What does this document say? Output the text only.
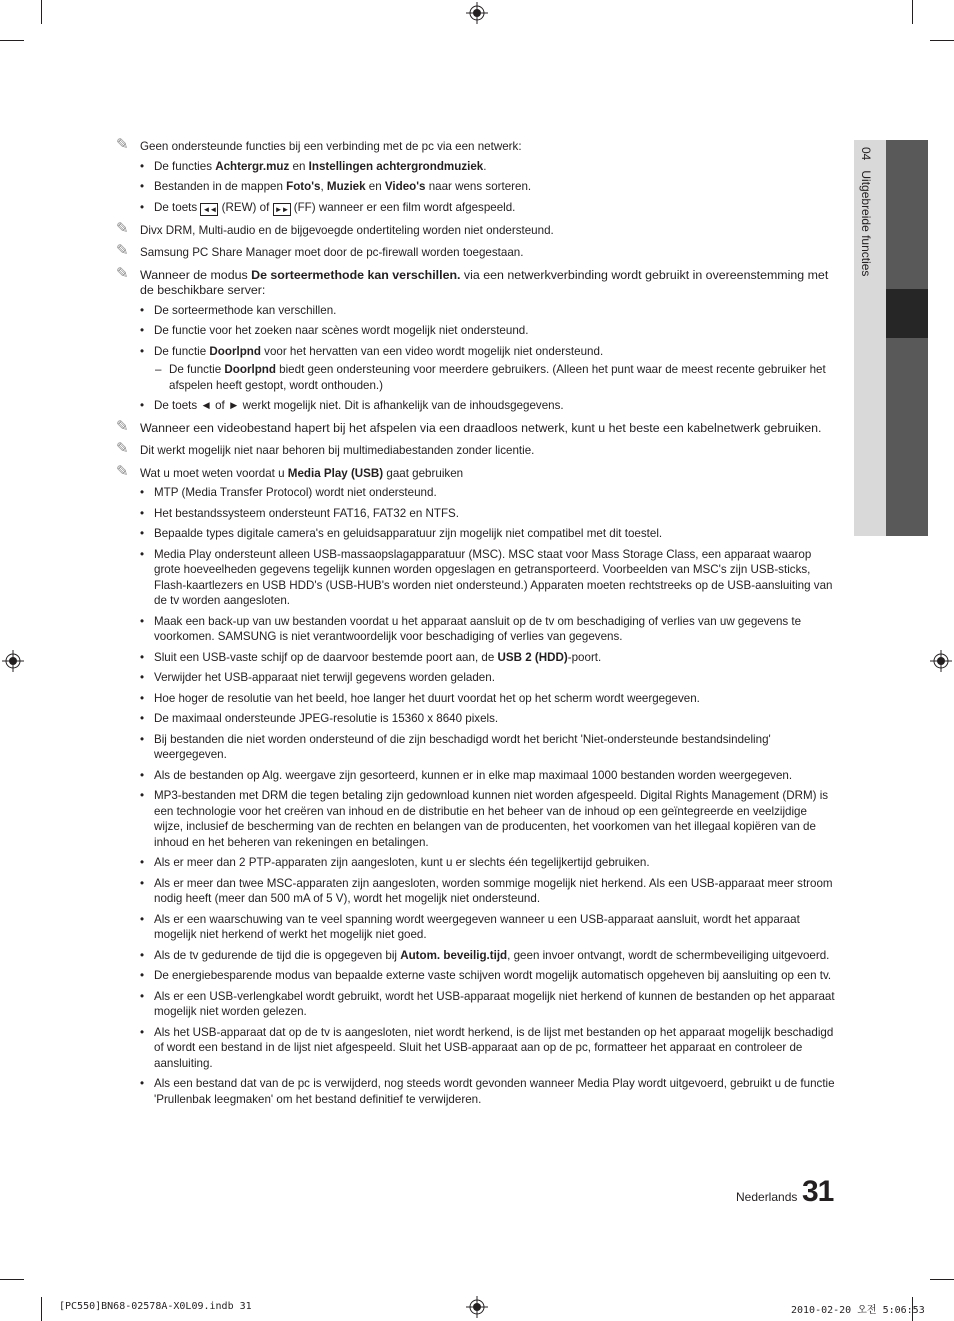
04   Uitgebreide functies
✎ Geen ondersteunde functies bij een verbinding met de pc via een netwerk:
• De functies Achtergr.muz en Instellingen achtergrondmuziek.
• Bestanden in de mappen Foto's, Muziek en Video's naar wens sorteren.
• De toets ◄◄ (REW) of ►► (FF) wanneer er een film wordt afgespeeld.
✎ Divx DRM, Multi-audio en de bijgevoegde ondertiteling worden niet ondersteund.
✎ Samsung PC Share Manager moet door de pc-firewall worden toegestaan.
✎ Wanneer de modus De sorteermethode kan verschillen. via een netwerkverbinding wordt gebruikt in overeenstemming met de beschikbare server:
• De sorteermethode kan verschillen.
• De functie voor het zoeken naar scènes wordt mogelijk niet ondersteund.
• De functie Doorlpnd voor het hervatten van een video wordt mogelijk niet ondersteund.
– De functie Doorlpnd biedt geen ondersteuning voor meerdere gebruikers. (Alleen het punt waar de meest recente gebruiker het afspelen heeft gestopt, wordt onthouden.)
• De toets ◄ of ► werkt mogelijk niet. Dit is afhankelijk van de inhoudsgegevens.
✎ Wanneer een videobestand hapert bij het afspelen via een draadloos netwerk, kunt u het beste een kabelnetwerk gebruiken.
✎ Dit werkt mogelijk niet naar behoren bij multimediabestanden zonder licentie.
✎ Wat u moet weten voordat u Media Play (USB) gaat gebruiken
• MTP (Media Transfer Protocol) wordt niet ondersteund.
• Het bestandssysteem ondersteunt FAT16, FAT32 en NTFS.
• Bepaalde types digitale camera's en geluidsapparatuur zijn mogelijk niet compatibel met dit toestel.
• Media Play ondersteunt alleen USB-massaopslagapparatuur (MSC). MSC staat voor Mass Storage Class, een apparaat waarop grote hoeveelheden gegevens tegelijk kunnen worden opgeslagen en getransporteerd. Voorbeelden van MSC's zijn USB-sticks, Flash-kaartlezers en USB HDD's (USB-HUB's worden niet ondersteund.) Apparaten moeten rechtstreeks op de USB-aansluiting van de tv worden aangesloten.
• Maak een back-up van uw bestanden voordat u het apparaat aansluit op de tv om beschadiging of verlies van uw gegevens te voorkomen. SAMSUNG is niet verantwoordelijk voor beschadiging of verlies van gegevens.
• Sluit een USB-vaste schijf op de daarvoor bestemde poort aan, de USB 2 (HDD)-poort.
• Verwijder het USB-apparaat niet terwijl gegevens worden geladen.
• Hoe hoger de resolutie van het beeld, hoe langer het duurt voordat het op het scherm wordt weergegeven.
• De maximaal ondersteunde JPEG-resolutie is 15360 x 8640 pixels.
• Bij bestanden die niet worden ondersteund of die zijn beschadigd wordt het bericht 'Niet-ondersteunde bestandsindeling' weergegeven.
• Als de bestanden op Alg. weergave zijn gesorteerd, kunnen er in elke map maximaal 1000 bestanden worden weergegeven.
• MP3-bestanden met DRM die tegen betaling zijn gedownload kunnen niet worden afgespeeld. Digital Rights Management (DRM) is een technologie voor het creëren van inhoud en de distributie en het beheer van de inhoud op een geïntegreerde en veelzijdige wijze, inclusief de bescherming van de rechten en belangen van de producenten, het voorkomen van het illegaal kopiëren van de inhoud en het beheren van rekeningen en betalingen.
• Als er meer dan 2 PTP-apparaten zijn aangesloten, kunt u er slechts één tegelijkertijd gebruiken.
• Als er meer dan twee MSC-apparaten zijn aangesloten, worden sommige mogelijk niet herkend. Als een USB-apparaat meer stroom nodig heeft (meer dan 500 mA of 5 V), wordt het mogelijk niet ondersteund.
• Als er een waarschuwing van te veel spanning wordt weergegeven wanneer u een USB-apparaat aansluit, wordt het apparaat mogelijk niet herkend of werkt het mogelijk niet goed.
• Als de tv gedurende de tijd die is opgegeven bij Autom. beveilig.tijd, geen invoer ontvangt, wordt de schermbeveiliging uitgevoerd.
• De energiebesparende modus van bepaalde externe vaste schijven wordt mogelijk automatisch opgeheven bij aansluiting op een tv.
• Als er een USB-verlengkabel wordt gebruikt, wordt het USB-apparaat mogelijk niet herkend of kunnen de bestanden op het apparaat mogelijk niet worden gelezen.
• Als het USB-apparaat dat op de tv is aangesloten, niet wordt herkend, is de lijst met bestanden op het apparaat mogelijk beschadigd of wordt een bestand in de lijst niet afgespeeld. Sluit het USB-apparaat aan op de pc, formatteer het apparaat en controleer de aansluiting.
• Als een bestand dat van de pc is verwijderd, nog steeds wordt gevonden wanneer Media Play wordt uitgevoerd, gebruikt u de functie 'Prullenbak leegmaken' om het bestand definitief te verwijderen.
Nederlands 31
[PC550]BN68-02578A-X0L09.indb 31	2010-02-20 오전 5:06:53
